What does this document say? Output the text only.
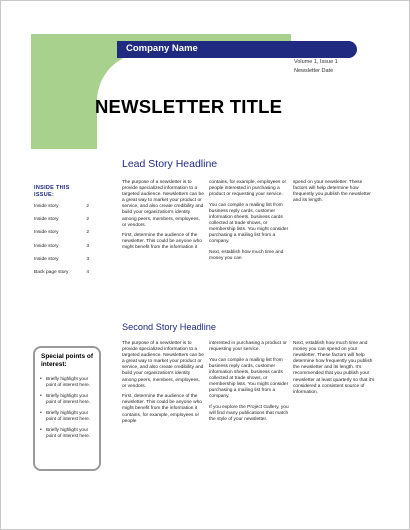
Company Name
Volume 1, Issue 1
Newsletter Date
NEWSLETTER TITLE
INSIDE THIS
ISSUE:
Inside story	2
Inside story	2
Inside story	2
Inside story	3
Inside story	3
Back page story	4
Special points of interest:
• Briefly highlight your point of interest here.
• Briefly highlight your point of interest here.
• Briefly highlight your point of interest here.
• Briefly highlight your point of interest here.
Lead Story Headline

The purpose of a newsletter is to provide specialized information to a targeted audience. Newsletters can be a great way to market your product or service, and also create credibility and build your organization's identity among peers, members, employees, or vendors.

First, determine the audience of the newsletter. This could be anyone who might benefit from the information it

contains, for example, employees or people interested in purchasing a product or requesting your service.

You can compile a mailing list from business reply cards, customer information sheets, business cards collected at trade shows, or membership lists. You might consider purchasing a mailing list from a company.

Next, establish how much time and money you can

spend on your newsletter. These factors will help determine how frequently you publish the newsletter and its length.

Second Story Headline

The purpose of a newsletter is to provide specialized information to a targeted audience. Newsletters can be a great way to market your product or service, and also create credibility and build your organization's identity among peers, members, employees, or vendors.

First, determine the audience of the newsletter. This could be anyone who might benefit from the information it contains, for example, employees or people

interested in purchasing a product or requesting your service.

You can compile a mailing list from business reply cards, customer information sheets, business cards collected at trade shows, or membership lists. You might consider purchasing a mailing list from a company.

If you explore the Project Gallery, you will find many publications that match the style of your newsletter.

Next, establish how much time and money you can spend on your newsletter. These factors will help determine how frequently you publish the newsletter and its length. It's recommended that you publish your newsletter at least quarterly so that it's considered a consistent source of information.
